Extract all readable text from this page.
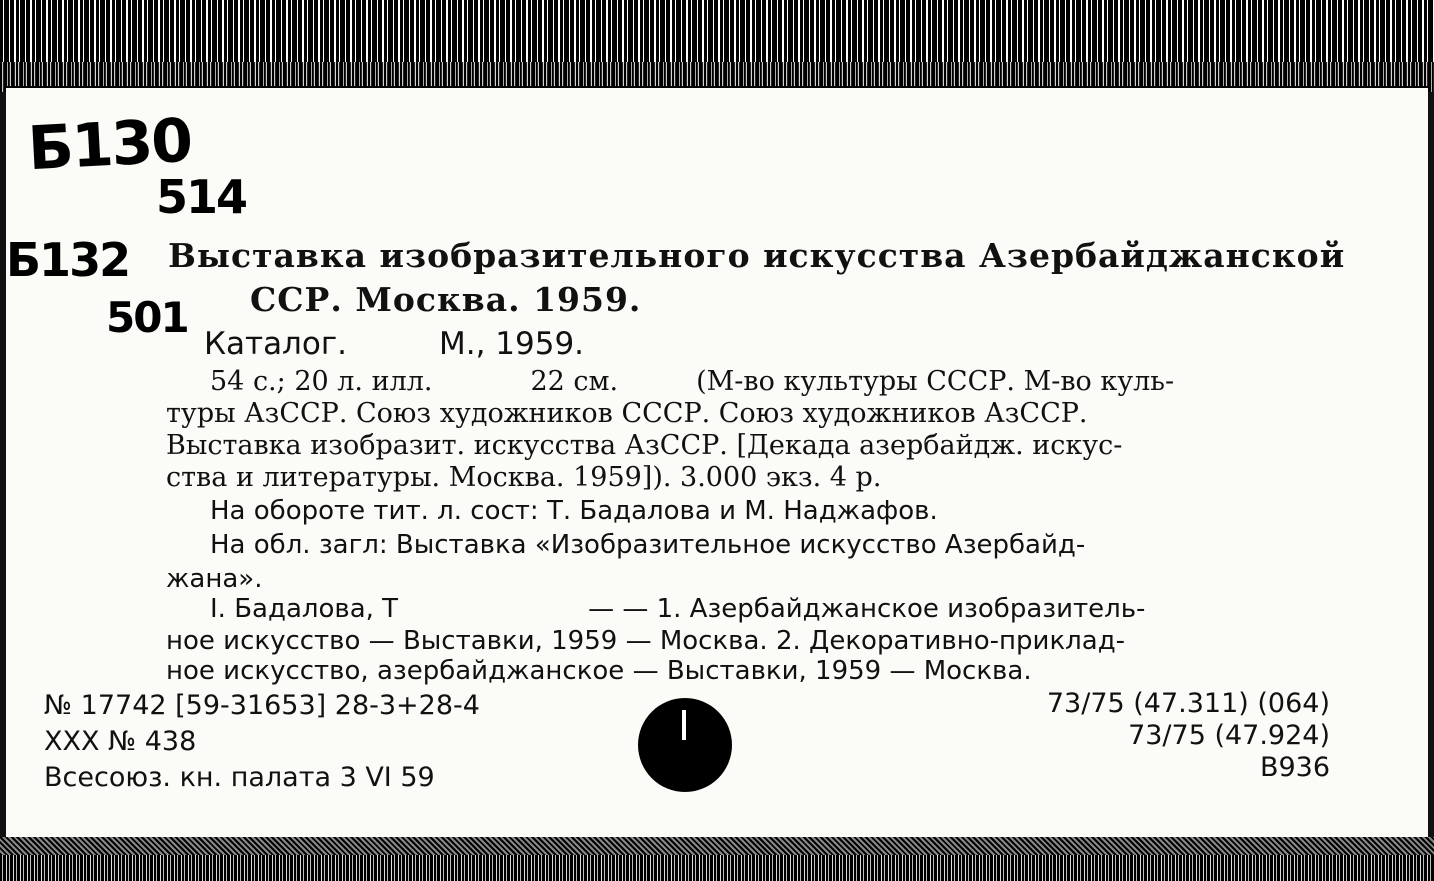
Б130
514
Б132
501
Выставка изобразительного искусства Азербайджанской
ССР. Москва. 1959.
Каталог.	М., 1959.
54 с.; 20 л. илл.	22 см.	(М-во культуры СССР. М-во куль-
туры АзССР. Союз художников СССР. Союз художников АзССР.
Выставка изобразит. искусства АзССР. [Декада азербайдж. искус-
ства и литературы. Москва. 1959]). 3.000 экз. 4 р.
На обороте тит. л. сост: Т. Бадалова и М. Наджафов.
На обл. загл: Выставка «Изобразительное искусство Азербайд-
жана».
I. Бадалова, Т	— — 1. Азербайджанское изобразитель-
ное искусство — Выставки, 1959 — Москва. 2. Декоративно-приклад-
ное искусство, азербайджанское — Выставки, 1959 — Москва.
№ 17742 [59-31653] 28-3+28-4
XXX № 438
Всесоюз. кн. палата 3 VI 59
73/75 (47.311) (064)
73/75 (47.924)
B936
